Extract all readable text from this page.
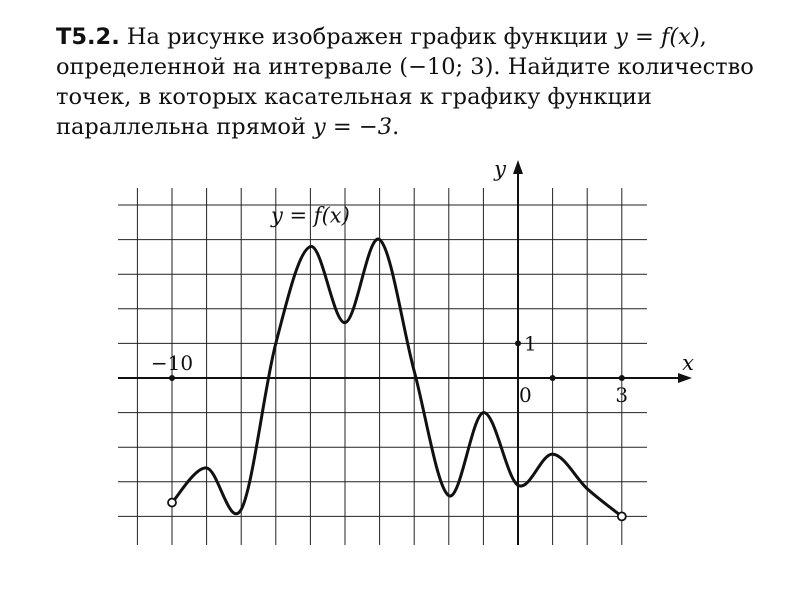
Т5.2. На рисунке изображен график функции y = f(x), определенной на интервале (−10; 3). Найдите количество точек, в которых касательная к графику функции параллельна прямой y = −3.

y = f(x)
x
y
0
−10
3
1
